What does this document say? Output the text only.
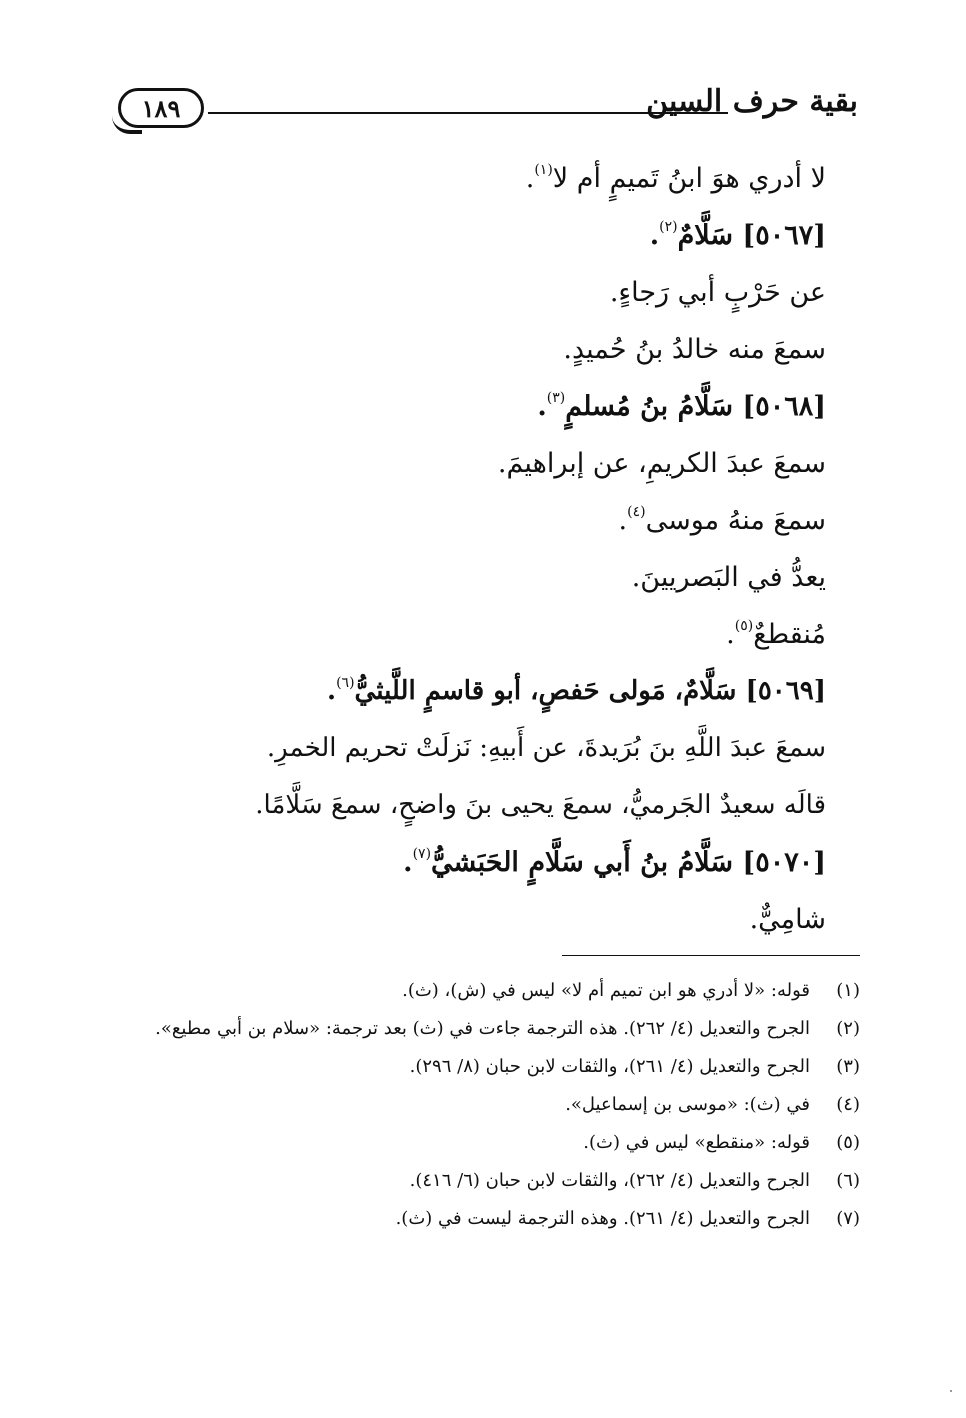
١٨٩	بقية حرف السين
لا أدري هوَ ابنُ تَميمٍ أم لا$^{(١)}$.
[٥٠٦٧] سَلَّامٌ$^{(٢)}$.
عن حَرْبٍ أبي رَجاءٍ.
سمعَ منه خالدُ بنُ حُميدٍ.
[٥٠٦٨] سَلَّامُ بنُ مُسلمٍ$^{(٣)}$.
سمعَ عبدَ الكريمِ، عن إبراهيمَ.
سمعَ منهُ موسى$^{(٤)}$.
يعدُّ في البَصريينَ.
مُنقطعٌ$^{(٥)}$.
[٥٠٦٩] سَلَّامٌ، مَولى حَفصٍ، أبو قاسمٍ اللَّيثيُّ$^{(٦)}$.
سمعَ عبدَ اللَّهِ بنَ بُرَيدةَ، عن أَبيهِ: نَزلَتْ تحريم الخمرِ.
قالَه سعيدٌ الجَرميُّ، سمعَ يحيى بنَ واضحٍ، سمعَ سَلَّامًا.
[٥٠٧٠] سَلَّامُ بنُ أَبي سَلَّامٍ الحَبَشيُّ$^{(٧)}$.
شامِيٌّ.
(١)
قوله: «لا أدري هو ابن تميم أم لا» ليس في (ش)، (ث).
(٢)
الجرح والتعديل (٤/ ٢٦٢). هذه الترجمة جاءت في (ث) بعد ترجمة: «سلام بن أبي مطيع».
(٣)
الجرح والتعديل (٤/ ٢٦١)، والثقات لابن حبان (٨/ ٢٩٦).
(٤)
في (ث): «موسى بن إسماعيل».
(٥)
قوله: «منقطع» ليس في (ث).
(٦)
الجرح والتعديل (٤/ ٢٦٢)، والثقات لابن حبان (٦/ ٤١٦).
(٧)
الجرح والتعديل (٤/ ٢٦١). وهذه الترجمة ليست في (ث).
